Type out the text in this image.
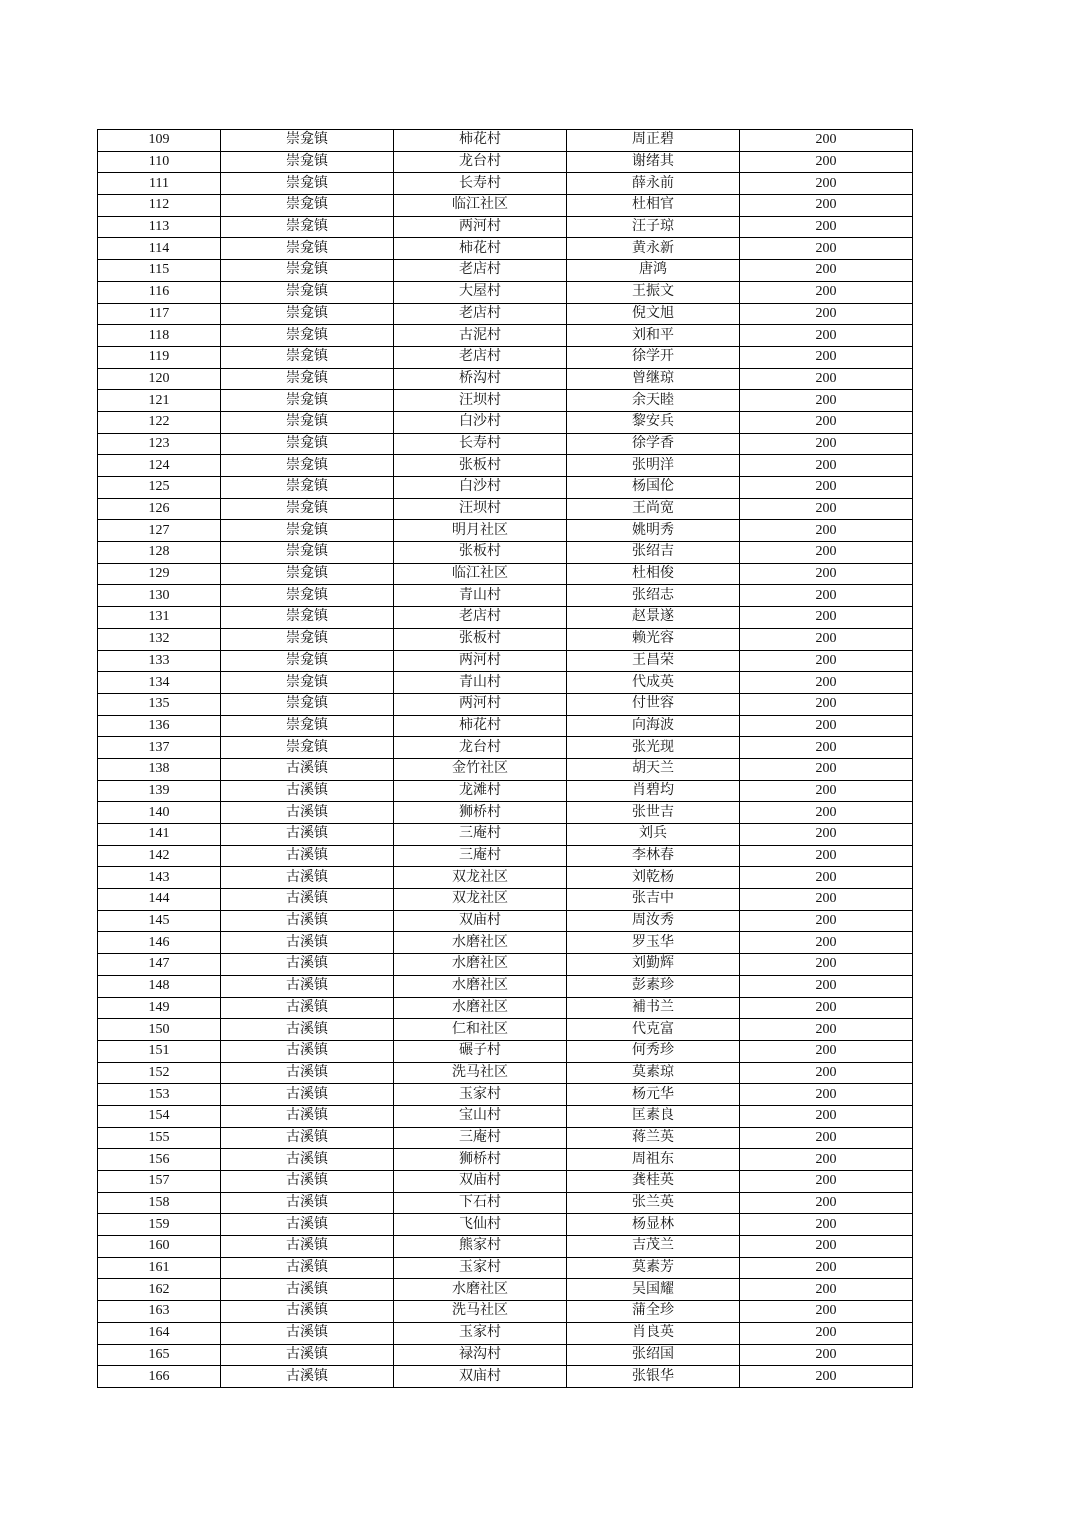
109	崇龛镇	柿花村	周正碧	200
110	崇龛镇	龙台村	谢绪其	200
111	崇龛镇	长寿村	薛永前	200
112	崇龛镇	临江社区	杜相官	200
113	崇龛镇	两河村	汪子琼	200
114	崇龛镇	柿花村	黄永新	200
115	崇龛镇	老店村	唐鸿	200
116	崇龛镇	大屋村	王振文	200
117	崇龛镇	老店村	倪文旭	200
118	崇龛镇	古泥村	刘和平	200
119	崇龛镇	老店村	徐学开	200
120	崇龛镇	桥沟村	曾继琼	200
121	崇龛镇	汪坝村	余天睦	200
122	崇龛镇	白沙村	黎安兵	200
123	崇龛镇	长寿村	徐学香	200
124	崇龛镇	张板村	张明洋	200
125	崇龛镇	白沙村	杨国伦	200
126	崇龛镇	汪坝村	王尚宽	200
127	崇龛镇	明月社区	姚明秀	200
128	崇龛镇	张板村	张绍吉	200
129	崇龛镇	临江社区	杜相俊	200
130	崇龛镇	青山村	张绍志	200
131	崇龛镇	老店村	赵景遂	200
132	崇龛镇	张板村	赖光容	200
133	崇龛镇	两河村	王昌荣	200
134	崇龛镇	青山村	代成英	200
135	崇龛镇	两河村	付世容	200
136	崇龛镇	柿花村	向海波	200
137	崇龛镇	龙台村	张光现	200
138	古溪镇	金竹社区	胡天兰	200
139	古溪镇	龙滩村	肖碧均	200
140	古溪镇	狮桥村	张世吉	200
141	古溪镇	三庵村	刘兵	200
142	古溪镇	三庵村	李林春	200
143	古溪镇	双龙社区	刘乾杨	200
144	古溪镇	双龙社区	张吉中	200
145	古溪镇	双庙村	周汝秀	200
146	古溪镇	水磨社区	罗玉华	200
147	古溪镇	水磨社区	刘勤辉	200
148	古溪镇	水磨社区	彭素珍	200
149	古溪镇	水磨社区	補书兰	200
150	古溪镇	仁和社区	代克富	200
151	古溪镇	碾子村	何秀珍	200
152	古溪镇	洗马社区	莫素琼	200
153	古溪镇	玉家村	杨元华	200
154	古溪镇	宝山村	匡素良	200
155	古溪镇	三庵村	蒋兰英	200
156	古溪镇	狮桥村	周祖东	200
157	古溪镇	双庙村	龚桂英	200
158	古溪镇	下石村	张兰英	200
159	古溪镇	飞仙村	杨显林	200
160	古溪镇	熊家村	吉茂兰	200
161	古溪镇	玉家村	莫素芳	200
162	古溪镇	水磨社区	吴国耀	200
163	古溪镇	洗马社区	蒲全珍	200
164	古溪镇	玉家村	肖良英	200
165	古溪镇	禄沟村	张绍国	200
166	古溪镇	双庙村	张银华	200
